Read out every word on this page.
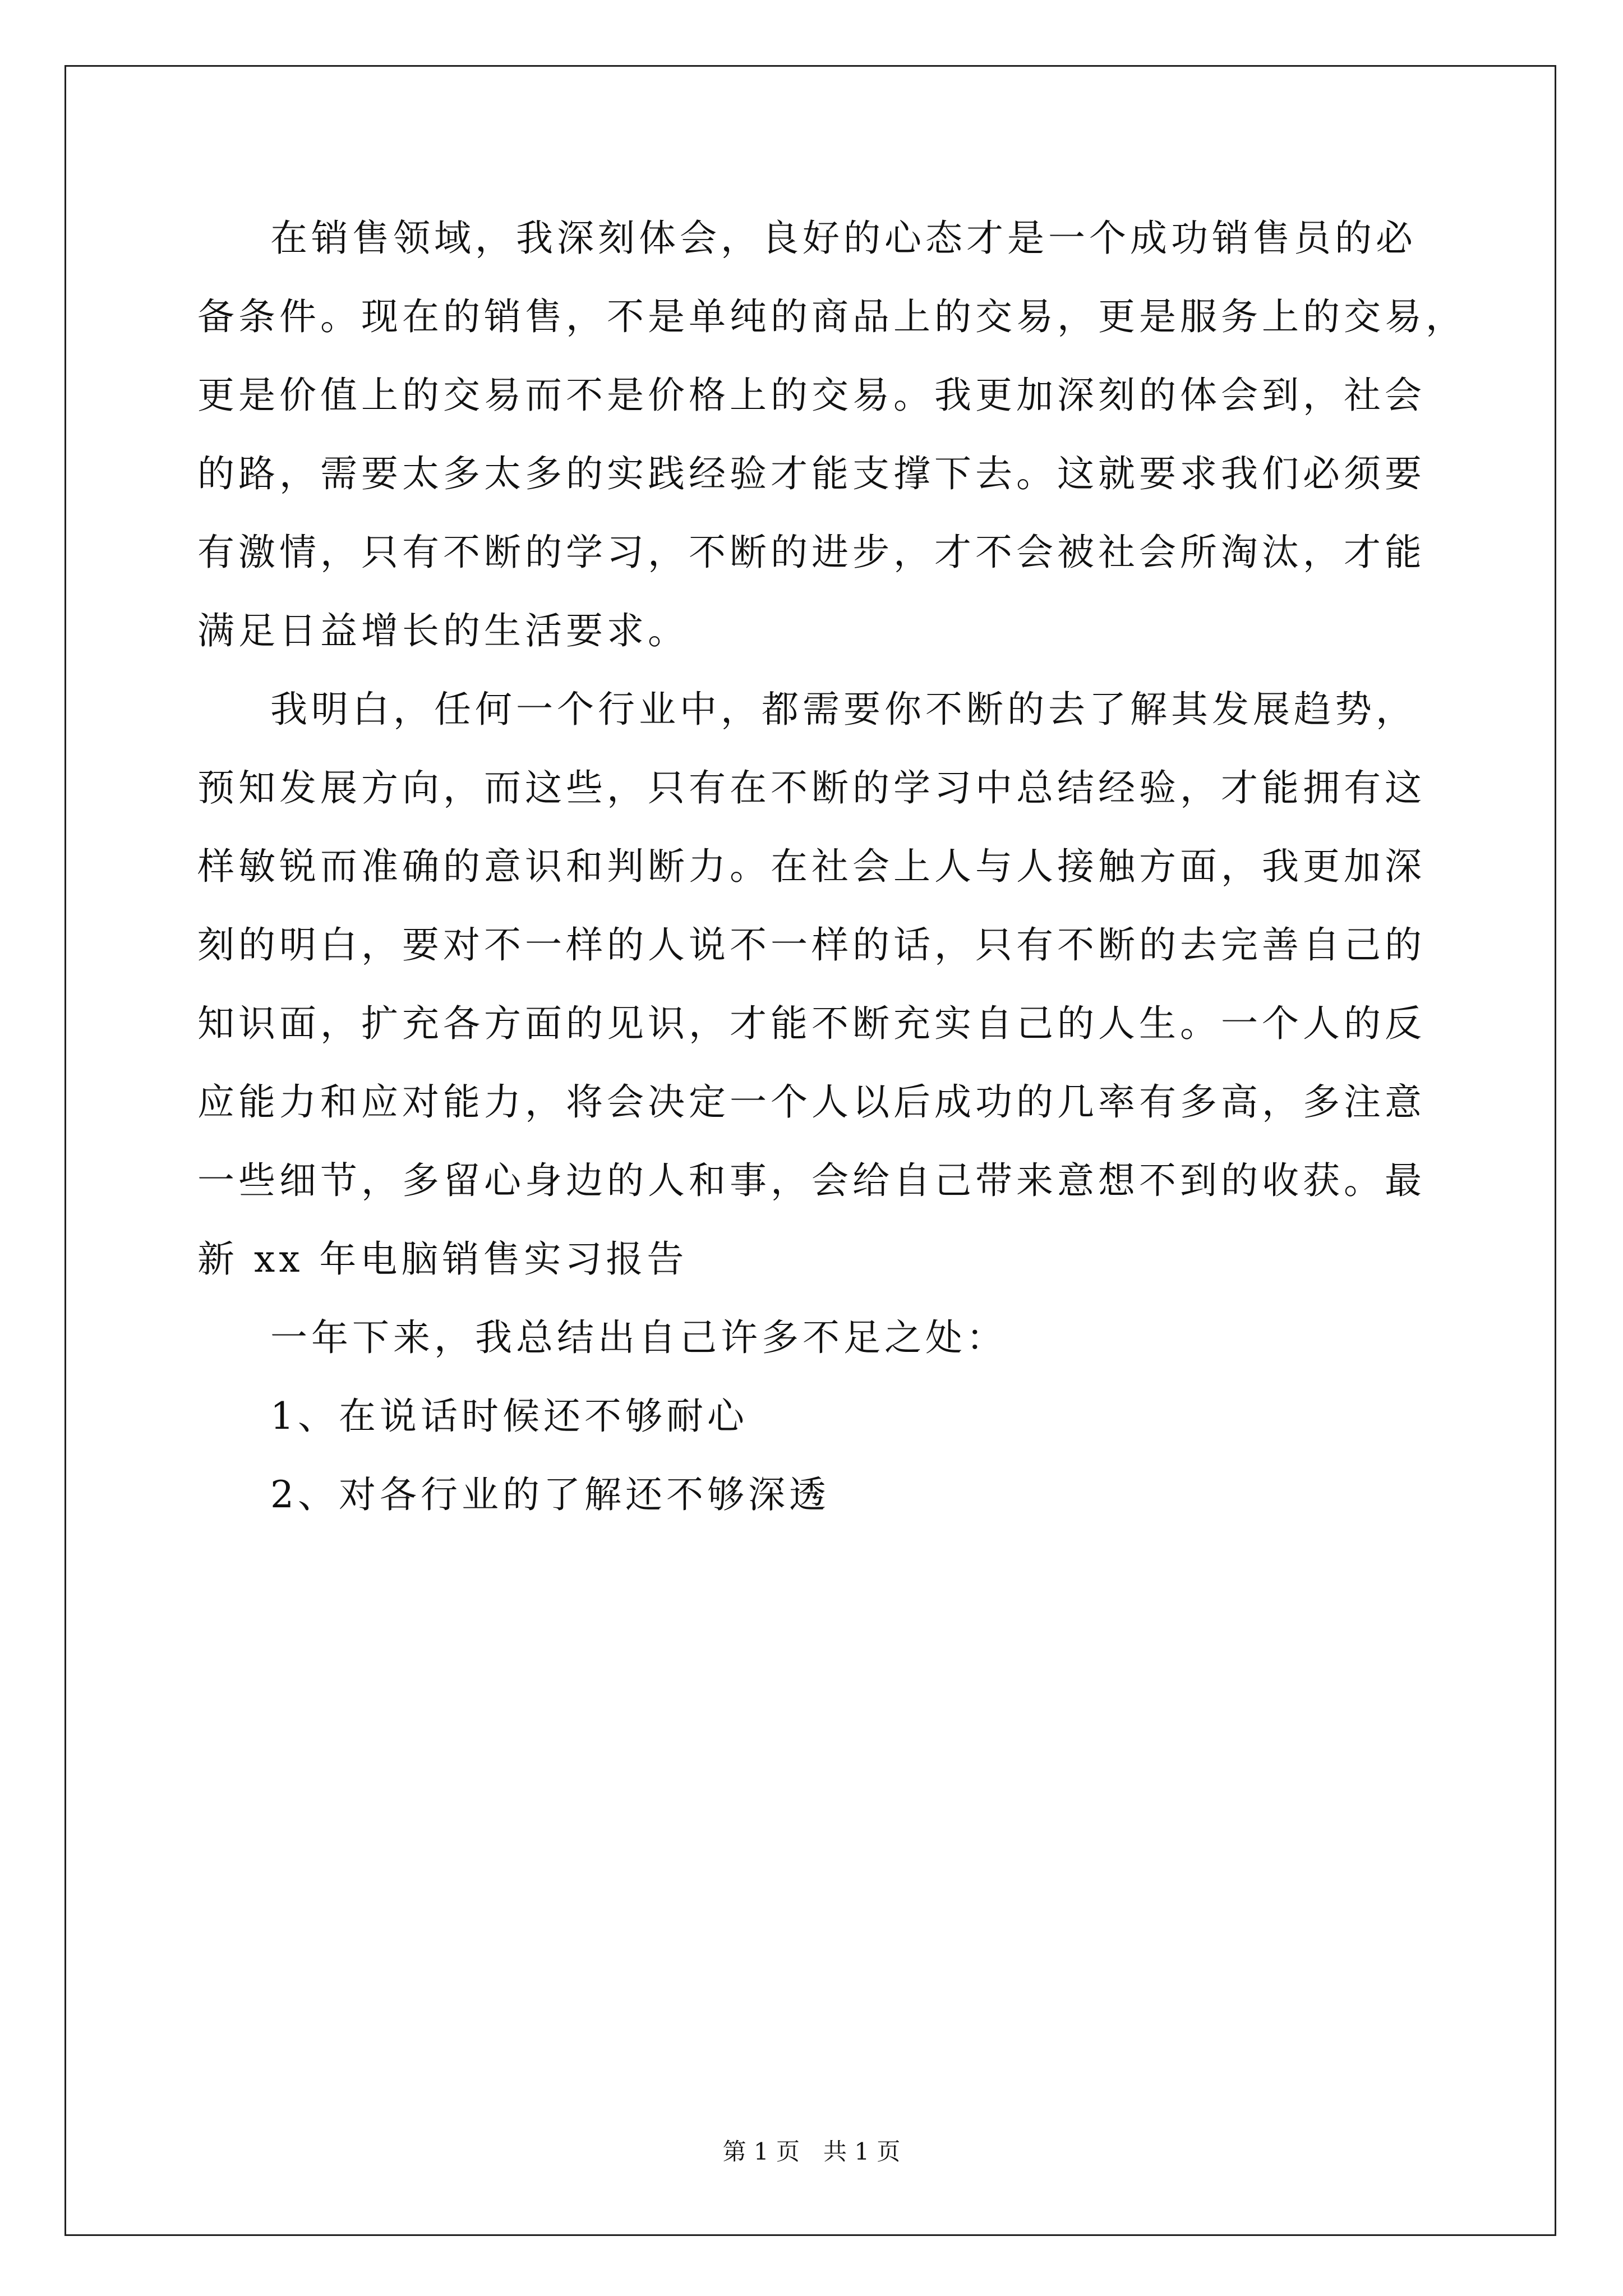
在销售领域，我深刻体会，良好的心态才是一个成功销售员的必
备条件。现在的销售，不是单纯的商品上的交易，更是服务上的交易，
更是价值上的交易而不是价格上的交易。我更加深刻的体会到，社会
的路，需要太多太多的实践经验才能支撑下去。这就要求我们必须要
有激情，只有不断的学习，不断的进步，才不会被社会所淘汰，才能
满足日益增长的生活要求。
我明白，任何一个行业中，都需要你不断的去了解其发展趋势，
预知发展方向，而这些，只有在不断的学习中总结经验，才能拥有这
样敏锐而准确的意识和判断力。在社会上人与人接触方面，我更加深
刻的明白，要对不一样的人说不一样的话，只有不断的去完善自己的
知识面，扩充各方面的见识，才能不断充实自己的人生。一个人的反
应能力和应对能力，将会决定一个人以后成功的几率有多高，多注意
一些细节，多留心身边的人和事，会给自己带来意想不到的收获。最
新 xx 年电脑销售实习报告
一年下来，我总结出自己许多不足之处：
1、在说话时候还不够耐心
2、对各行业的了解还不够深透
第 1 页　共 1 页
